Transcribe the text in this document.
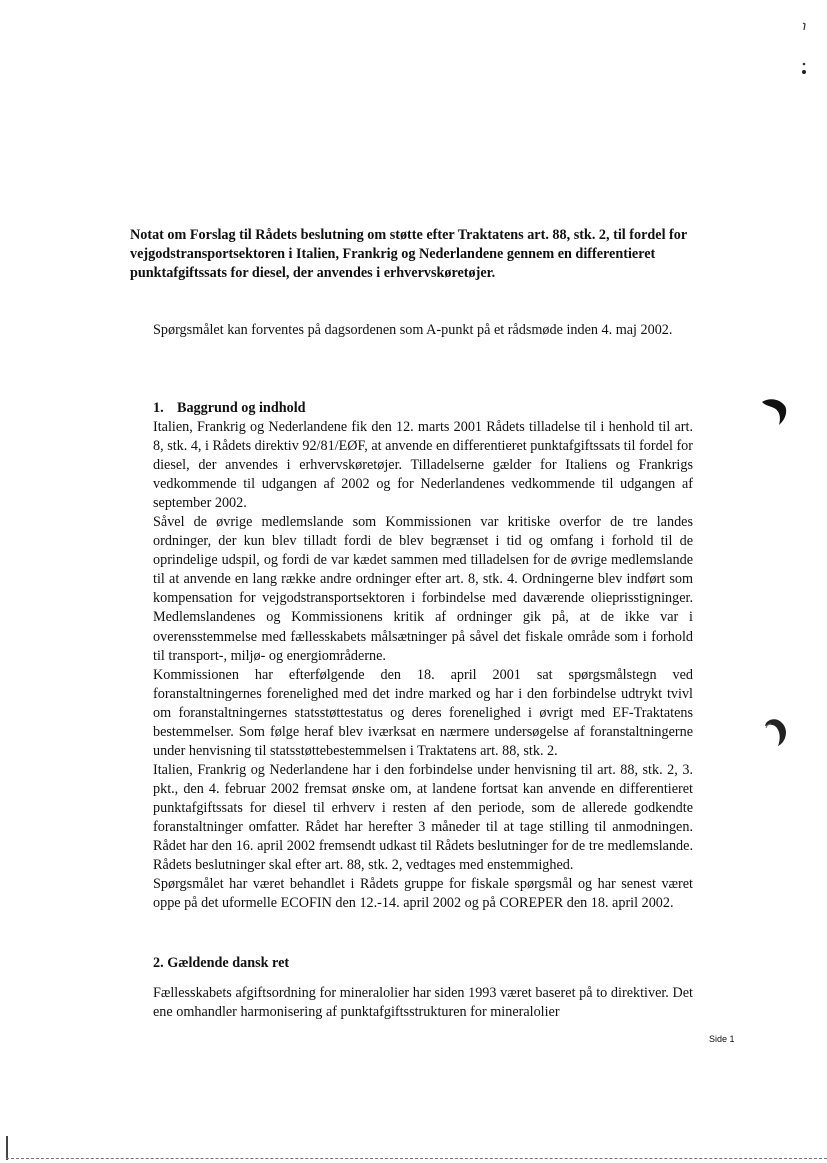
Notat om Forslag til Rådets beslutning om støtte efter Traktatens art. 88, stk. 2, til fordel for vejgodstransportsektoren i Italien, Frankrig og Nederlandene gennem en differentieret punktafgiftssats for diesel, der anvendes i erhvervskøretøjer.
Spørgsmålet kan forventes på dagsordenen som A-punkt på et rådsmøde inden 4. maj 2002.
1. Baggrund og indhold

Italien, Frankrig og Nederlandene fik den 12. marts 2001 Rådets tilladelse til i henhold til art. 8, stk. 4, i Rådets direktiv 92/81/EØF, at anvende en differentieret punktafgiftssats til fordel for diesel, der anvendes i erhvervskøretøjer. Tilladelserne gælder for Italiens og Frankrigs vedkommende til udgangen af 2002 og for Nederlandenes vedkommende til udgangen af september 2002.

Såvel de øvrige medlemslande som Kommissionen var kritiske overfor de tre landes ordninger, der kun blev tilladt fordi de blev begrænset i tid og omfang i forhold til de oprindelige udspil, og fordi de var kædet sammen med tilladelsen for de øvrige medlemslande til at anvende en lang række andre ordninger efter art. 8, stk. 4. Ordningerne blev indført som kompensation for vejgodstransportsektoren i forbindelse med daværende olieprisstigninger. Medlemslandenes og Kommissionens kritik af ordninger gik på, at de ikke var i overensstemmelse med fællesskabets målsætninger på såvel det fiskale område som i forhold til transport-, miljø- og energiområderne.

Kommissionen har efterfølgende den 18. april 2001 sat spørgsmålstegn ved foranstaltningernes forenelighed med det indre marked og har i den forbindelse udtrykt tvivl om foranstaltningernes statsstøttestatus og deres forenelighed i øvrigt med EF-Traktatens bestemmelser. Som følge heraf blev iværksat en nærmere undersøgelse af foranstaltningerne under henvisning til statsstøttebestemmelsen i Traktatens art. 88, stk. 2.

Italien, Frankrig og Nederlandene har i den forbindelse under henvisning til art. 88, stk. 2, 3. pkt., den 4. februar 2002 fremsat ønske om, at landene fortsat kan anvende en differentieret punktafgiftssats for diesel til erhverv i resten af den periode, som de allerede godkendte foranstaltninger omfatter. Rådet har herefter 3 måneder til at tage stilling til anmodningen. Rådet har den 16. april 2002 fremsendt udkast til Rådets beslutninger for de tre medlemslande. Rådets beslutninger skal efter art. 88, stk. 2, vedtages med enstemmighed.

Spørgsmålet har været behandlet i Rådets gruppe for fiskale spørgsmål og har senest været oppe på det uformelle ECOFIN den 12.-14. april 2002 og på COREPER den 18. april 2002.

2. Gældende dansk ret

Fællesskabets afgiftsordning for mineralolier har siden 1993 været baseret på to direktiver. Det ene omhandler harmonisering af punktafgiftsstrukturen for mineralolier

Side 1
